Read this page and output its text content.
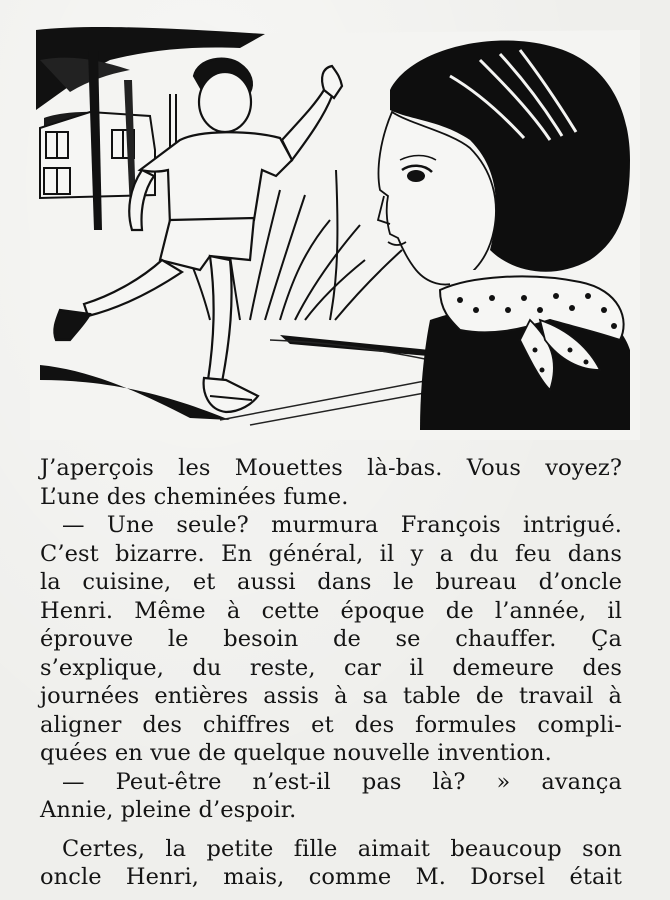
J’aperçois les Mouettes là-bas. Vous voyez?
L’une des cheminées fume.
— Une seule? murmura François intrigué.
C’est bizarre. En général, il y a du feu dans
la cuisine, et aussi dans le bureau d’oncle
Henri. Même à cette époque de l’année, il
éprouve le besoin de se chauffer. Ça
s’explique, du reste, car il demeure des
journées entières assis à sa table de travail à
aligner des chiffres et des formules compli-
quées en vue de quelque nouvelle invention.
— Peut-être n’est-il pas là? » avança
Annie, pleine d’espoir.
Certes, la petite fille aimait beaucoup son
oncle Henri, mais, comme M. Dorsel était
